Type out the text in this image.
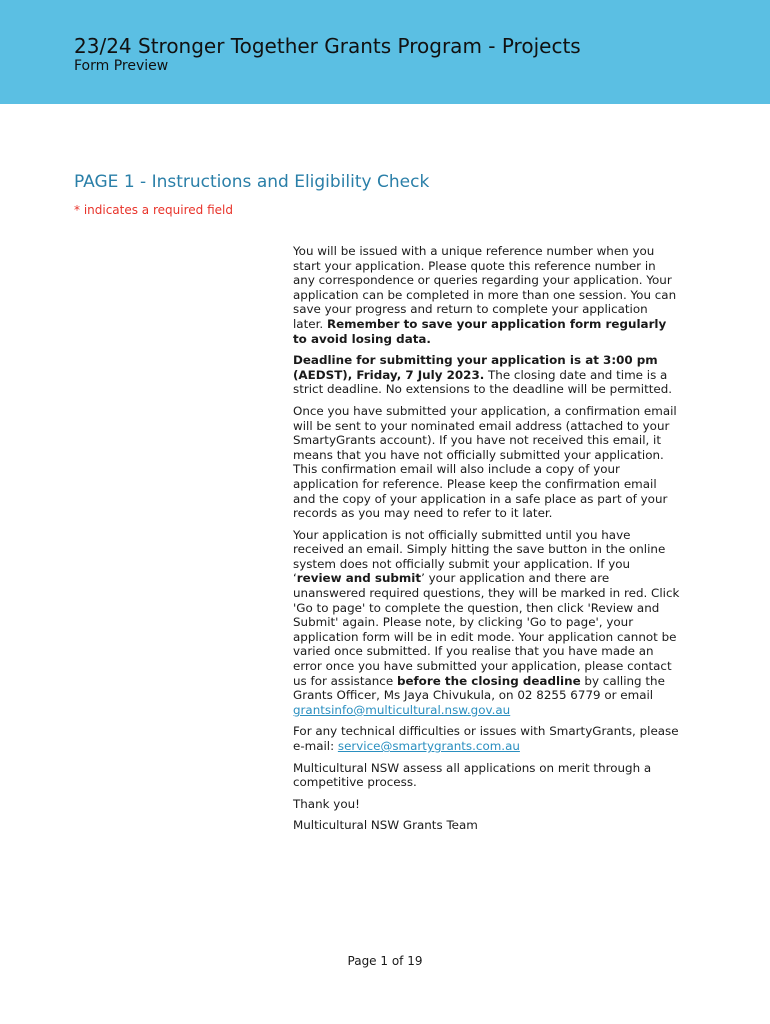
23/24 Stronger Together Grants Program - Projects
Form Preview
PAGE 1 - Instructions and Eligibility Check
* indicates a required field

You will be issued with a unique reference number when you start your application. Please quote this reference number in any correspondence or queries regarding your application. Your application can be completed in more than one session. You can save your progress and return to complete your application later. Remember to save your application form regularly to avoid losing data.

Deadline for submitting your application is at 3:00 pm (AEDST), Friday, 7 July 2023. The closing date and time is a strict deadline. No extensions to the deadline will be permitted.

Once you have submitted your application, a confirmation email will be sent to your nominated email address (attached to your SmartyGrants account). If you have not received this email, it means that you have not officially submitted your application. This confirmation email will also include a copy of your application for reference. Please keep the confirmation email and the copy of your application in a safe place as part of your records as you may need to refer to it later.

Your application is not officially submitted until you have received an email. Simply hitting the save button in the online system does not officially submit your application. If you ‘review and submit’ your application and there are unanswered required questions, they will be marked in red. Click 'Go to page' to complete the question, then click 'Review and Submit' again. Please note, by clicking 'Go to page', your application form will be in edit mode. Your application cannot be varied once submitted. If you realise that you have made an error once you have submitted your application, please contact us for assistance before the closing deadline by calling the Grants Officer, Ms Jaya Chivukula, on 02 8255 6779 or email grantsinfo@multicultural.nsw.gov.au

For any technical difficulties or issues with SmartyGrants, please e-mail: service@smartygrants.com.au

Multicultural NSW assess all applications on merit through a competitive process.

Thank you!

Multicultural NSW Grants Team

Page 1 of 19
